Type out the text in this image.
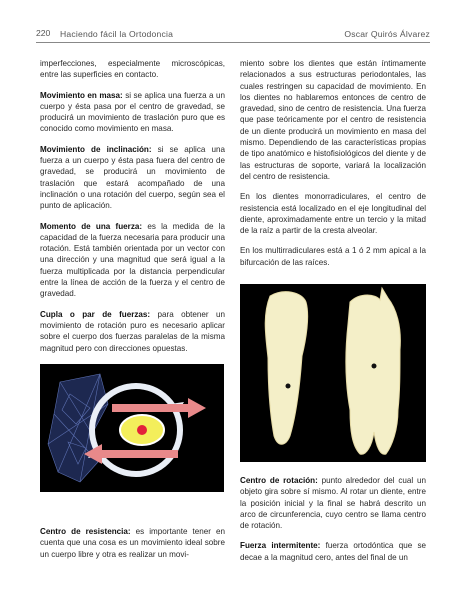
220 Haciendo fácil la Ortodoncia	Oscar Quirós Álvarez

imperfecciones, especialmente microscópicas, entre las superficies en contacto.

Movimiento en masa: si se aplica una fuerza a un cuerpo y ésta pasa por el centro de gravedad, se producirá un movimiento de traslación puro que es conocido como movimiento en masa.

Movimiento de inclinación: si se aplica una fuerza a un cuerpo y ésta pasa fuera del centro de gravedad, se producirá un movimiento de traslación que estará acompañado de una inclinación o una rotación del cuerpo, según sea el punto de aplicación.

Momento de una fuerza: es la medida de la capacidad de la fuerza necesaria para producir una rotación. Está también orientada por un vector con una dirección y una magnitud que será igual a la fuerza multiplicada por la distancia perpendicular entre la línea de acción de la fuerza y el centro de gravedad.

Cupla o par de fuerzas: para obtener un movimiento de rotación puro es necesario aplicar sobre el cuerpo dos fuerzas paralelas de la misma magnitud pero con direcciones opuestas.

Centro de resistencia: es importante tener en cuenta que una cosa es un movimiento ideal sobre un cuerpo libre y otra es realizar un movi-

miento sobre los dientes que están íntimamente relacionados a sus estructuras periodontales, las cuales restringen su capacidad de movimiento. En los dientes no hablaremos entonces de centro de gravedad, sino de centro de resistencia. Una fuerza que pase teóricamente por el centro de resistencia de un diente producirá un movimiento en masa del mismo. Dependiendo de las características propias de tipo anatómico e histofisiológicos del diente y de las estructuras de soporte, variará la localización del centro de resistencia.

En los dientes monorradiculares, el centro de resistencia está localizado en el eje longitudinal del diente, aproximadamente entre un tercio y la mitad de la raíz a partir de la cresta alveolar.

En los multirradiculares está a 1 ó 2 mm apical a la bifurcación de las raíces.

Centro de rotación: punto alrededor del cual un objeto gira sobre sí mismo. Al rotar un diente, entre la posición inicial y la final se habrá descrito un arco de circunferencia, cuyo centro se llama centro de rotación.

Fuerza intermitente: fuerza ortodóntica que se decae a la magnitud cero, antes del final de un
